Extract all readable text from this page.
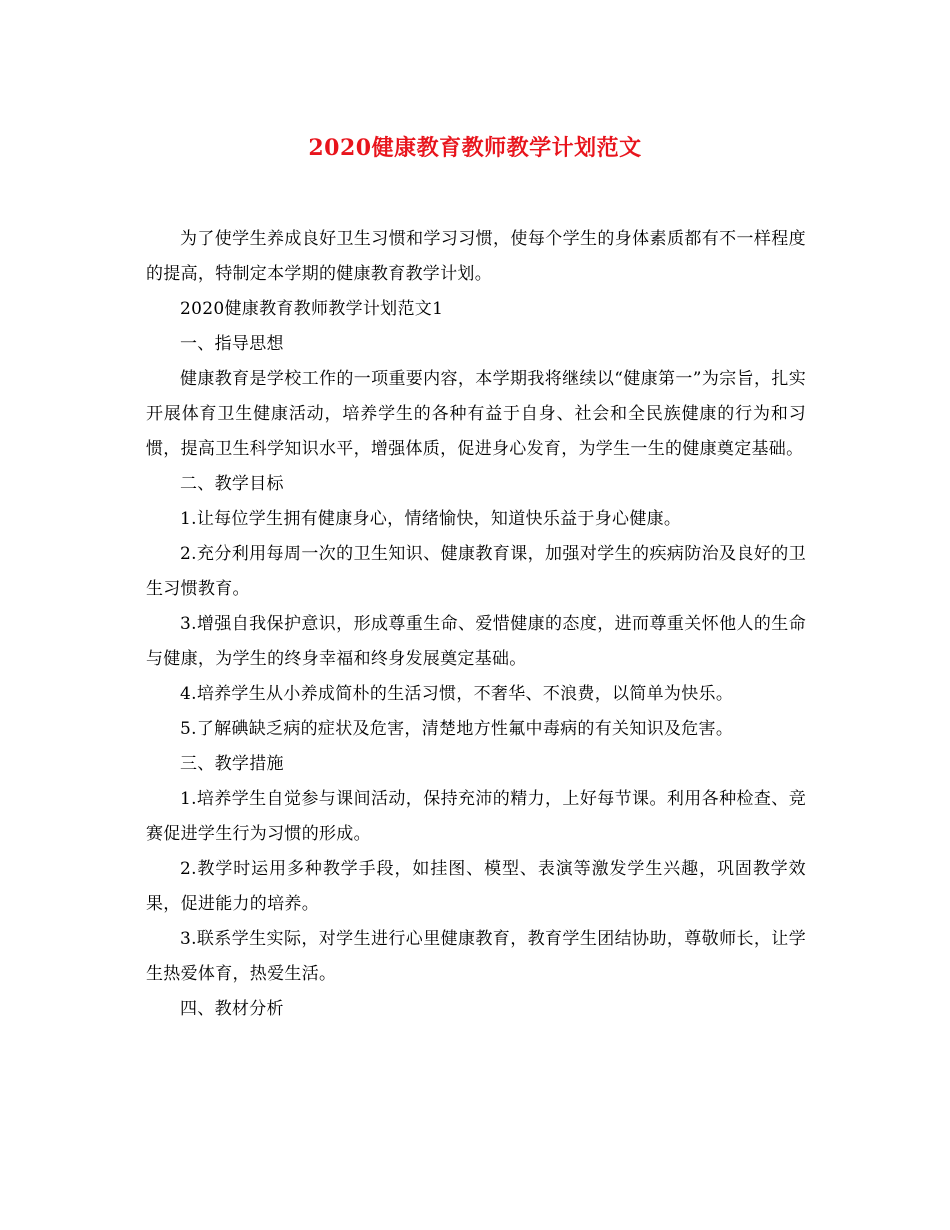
2020健康教育教师教学计划范文

为了使学生养成良好卫生习惯和学习习惯，使每个学生的身体素质都有不一样程度的提高，特制定本学期的健康教育教学计划。

2020健康教育教师教学计划范文1

一、指导思想

健康教育是学校工作的一项重要内容，本学期我将继续以“健康第一”为宗旨，扎实开展体育卫生健康活动，培养学生的各种有益于自身、社会和全民族健康的行为和习惯，提高卫生科学知识水平，增强体质，促进身心发育，为学生一生的健康奠定基础。

二、教学目标

1.让每位学生拥有健康身心，情绪愉快，知道快乐益于身心健康。

2.充分利用每周一次的卫生知识、健康教育课，加强对学生的疾病防治及良好的卫生习惯教育。

3.增强自我保护意识，形成尊重生命、爱惜健康的态度，进而尊重关怀他人的生命与健康，为学生的终身幸福和终身发展奠定基础。

4.培养学生从小养成简朴的生活习惯，不奢华、不浪费，以简单为快乐。

5.了解碘缺乏病的症状及危害，清楚地方性氟中毒病的有关知识及危害。

三、教学措施

1.培养学生自觉参与课间活动，保持充沛的精力，上好每节课。利用各种检查、竞赛促进学生行为习惯的形成。

2.教学时运用多种教学手段，如挂图、模型、表演等激发学生兴趣，巩固教学效果，促进能力的培养。

3.联系学生实际，对学生进行心里健康教育，教育学生团结协助，尊敬师长，让学生热爱体育，热爱生活。

四、教材分析
